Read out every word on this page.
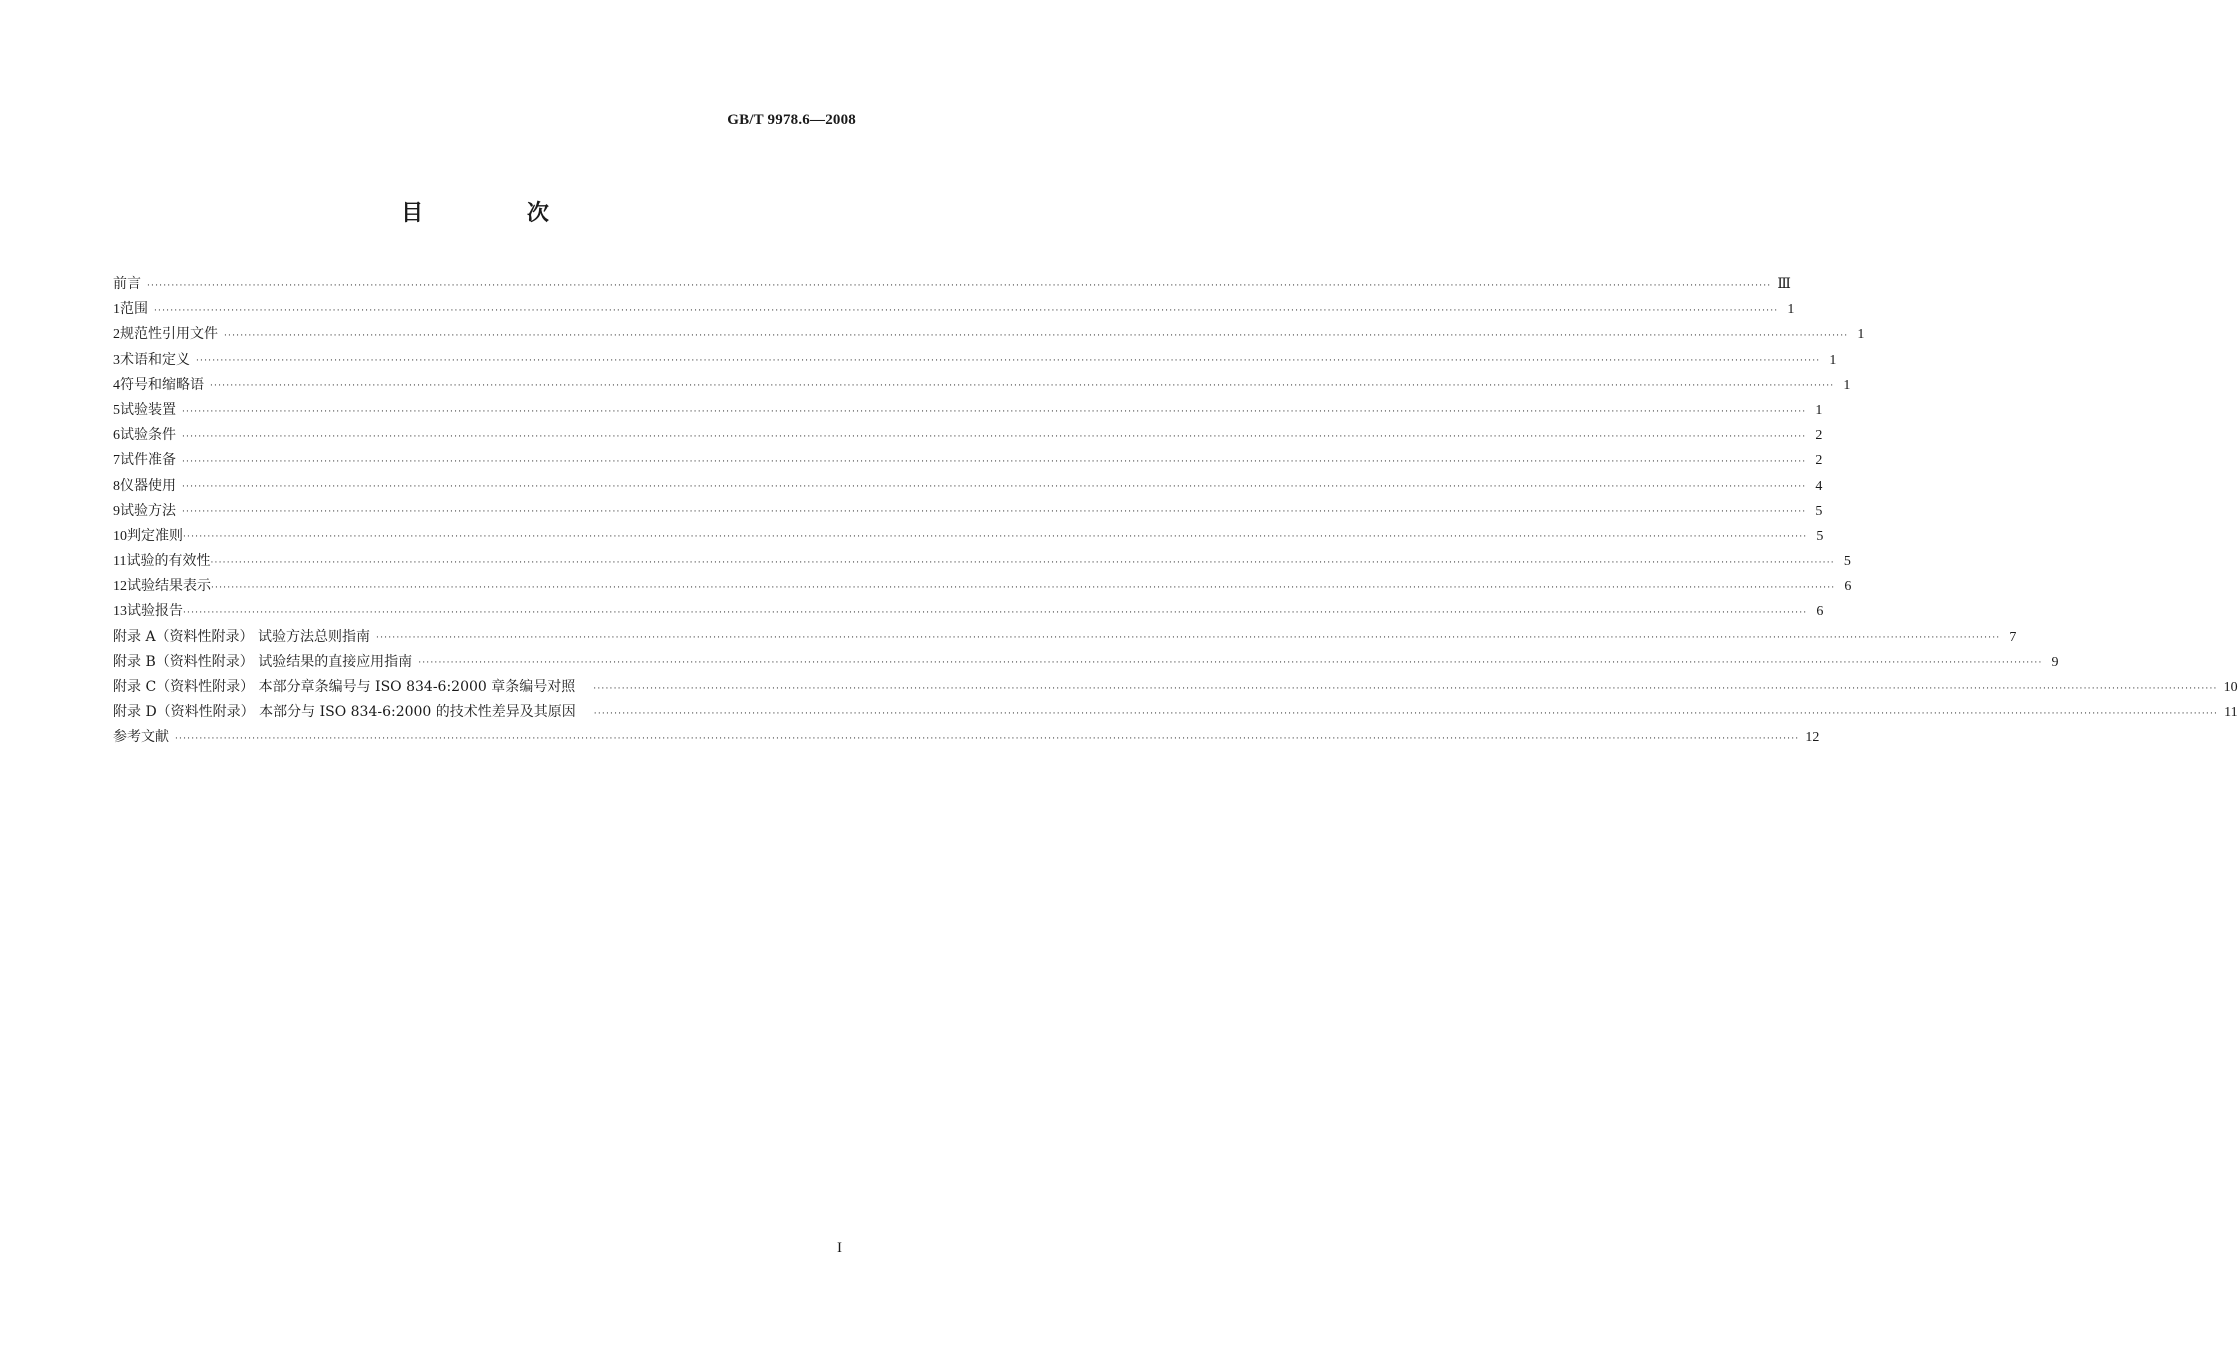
GB/T 9978.6—2008
目 次
前言 ················································································································································································································································································································································································································ Ⅲ
1 范围 ················································································································································································································································································································································································································ 1
2 规范性引用文件 ················································································································································································································································································································································································································ 1
3 术语和定义 ················································································································································································································································································································································································································ 1
4 符号和缩略语 ················································································································································································································································································································································································································ 1
5 试验装置 ················································································································································································································································································································································································································ 1
6 试验条件 ················································································································································································································································································································································································································ 2
7 试件准备 ················································································································································································································································································································································································································ 2
8 仪器使用 ················································································································································································································································································································································································································ 4
9 试验方法 ················································································································································································································································································································································································································ 5
10 判定准则 ················································································································································································································································································································································································································ 5
11 试验的有效性 ················································································································································································································································································································································································································ 5
12 试验结果表示 ················································································································································································································································································································································································································ 6
13 试验报告 ················································································································································································································································································································································································································ 6
附录 A（资料性附录） 试验方法总则指南 ················································································································································································································································································································································································································ 7
附录 B（资料性附录） 试验结果的直接应用指南 ················································································································································································································································································································································································································ 9
附录 C（资料性附录） 本部分章条编号与 ISO 834-6:2000 章条编号对照 ················································································································································································································································································································································································································ 10
附录 D（资料性附录） 本部分与 ISO 834-6:2000 的技术性差异及其原因 ················································································································································································································································································································································································································ 11
参考文献 ················································································································································································································································································································································································································ 12
I
